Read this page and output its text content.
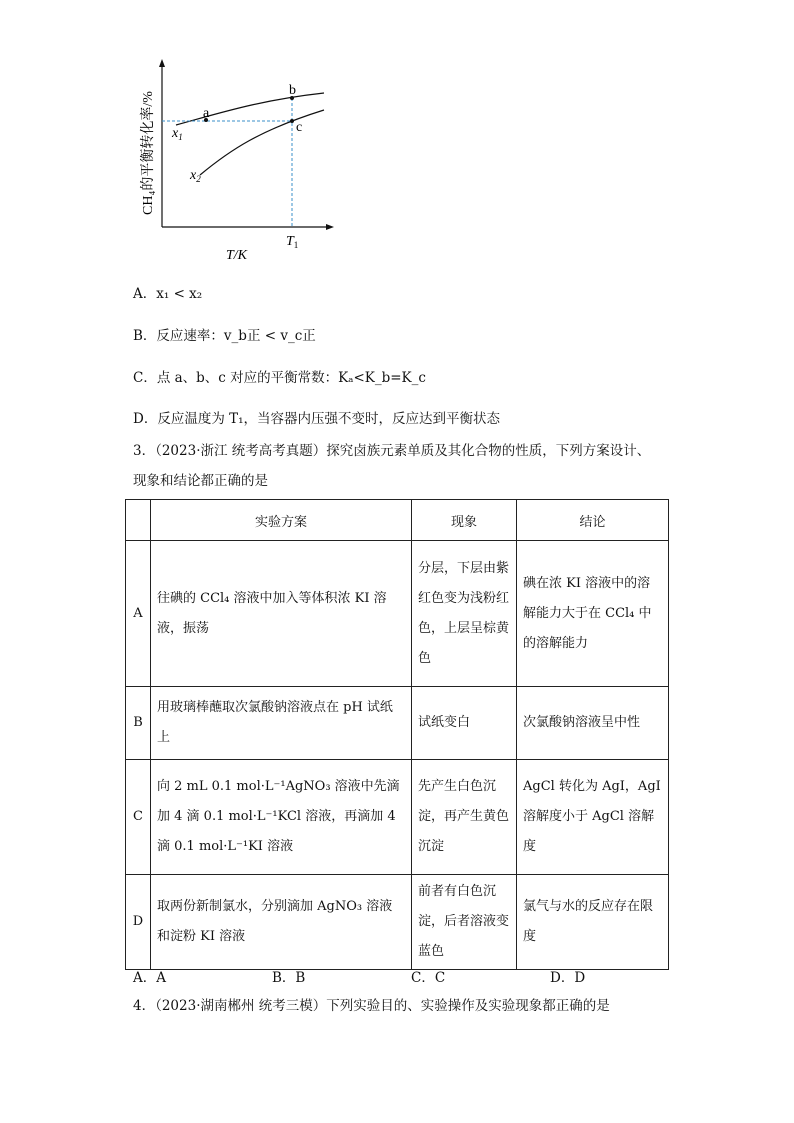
a
b
c
$x_1$
$x_2$
$T_1$
T/K
CH₄的平衡转化率/%
A．x₁ < x₂
B．反应速率：v_b正 < v_c正
C．点 a、b、c 对应的平衡常数：Kₐ<K_b=K_c
D．反应温度为 T₁，当容器内压强不变时，反应达到平衡状态
3．（2023·浙江 统考高考真题）探究卤族元素单质及其化合物的性质，下列方案设计、
现象和结论都正确的是
	实验方案	现象	结论
A	往碘的 CCl₄ 溶液中加入等体积浓 KI 溶液，振荡	分层，下层由紫红色变为浅粉红色，上层呈棕黄色	碘在浓 KI 溶液中的溶解能力大于在 CCl₄ 中的溶解能力
B	用玻璃棒蘸取次氯酸钠溶液点在 pH 试纸上	试纸变白	次氯酸钠溶液呈中性
C	向 2 mL 0.1 mol·L⁻¹AgNO₃ 溶液中先滴加 4 滴 0.1 mol·L⁻¹KCl 溶液，再滴加 4 滴 0.1 mol·L⁻¹KI 溶液	先产生白色沉淀，再产生黄色沉淀	AgCl 转化为 AgI，AgI 溶解度小于 AgCl 溶解度
D	取两份新制氯水，分别滴加 AgNO₃ 溶液和淀粉 KI 溶液	前者有白色沉淀，后者溶液变蓝色	氯气与水的反应存在限度
A．A	B．B	C．C	D．D
4．（2023·湖南郴州 统考三模）下列实验目的、实验操作及实验现象都正确的是
